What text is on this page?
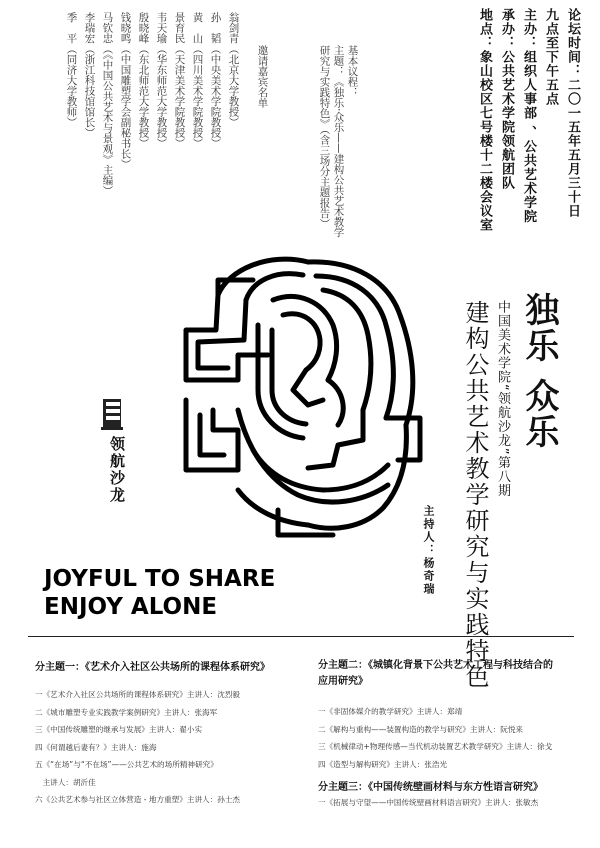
论坛时间：二〇一五年五月三十日
九点至下午五点
主办：组织人事部 、公共艺术学院
承办：公共艺术学院领航团队
地点：象山校区七号楼十二楼会议室
基本议程：
主题：《独乐·众乐——建构公共艺术教学
研究与实践特色》（含三场分主题报告）
邀请嘉宾名单
翁剑青（北京大学教授）
孙　韬（中央美术学院教授）
黄　山（四川美术学院教授）
景育民（天津美术学院教授）
韦天瑜（华东师范大学教授）
殷晓峰（东北师范大学教授）
钱晓鸣（中国雕塑学会副秘书长）
马钦忠（《中国公共艺术与景观》主编）
李瑞宏（浙江科技馆馆长）
季　平（同济大学教师）
领航沙龙
独乐 众乐
中国美术学院“领航沙龙”第八期
建构公共艺术教学研究与实践特色
主持人：杨奇瑞
JOYFUL TO SHARE
ENJOY ALONE
分主题一：《艺术介入社区公共场所的课程体系研究》
一《艺术介入社区公共场所的课程体系研究》主讲人：沈烈毅
二《城市雕塑专业实践教学案例研究》主讲人：张海军
三《中国传统雕塑的继承与发展》主讲人：翟小实
四《何谓越后妻有？》主讲人：施海
五《“在场”与“不在场”——公共艺术的场所精神研究》
　主讲人：胡沂佳
六《公共艺术参与社区立体营造 - 地方重塑》主讲人：孙士杰
分主题二：《城镇化背景下公共艺术工程与科技结合的
应用研究》
一《非固体媒介的教学研究》主讲人：郑靖
二《解构与重构——装置构造的教学与研究》主讲人：阮悦来
三《机械律动+物理传感—当代机动装置艺术教学研究》主讲人：徐戈
四《造型与解构研究》主讲人：张浩光
分主题三：《中国传统壁画材料与东方性语言研究》
一《拓展与守望——中国传统壁画材料语言研究》主讲人：张敏杰
